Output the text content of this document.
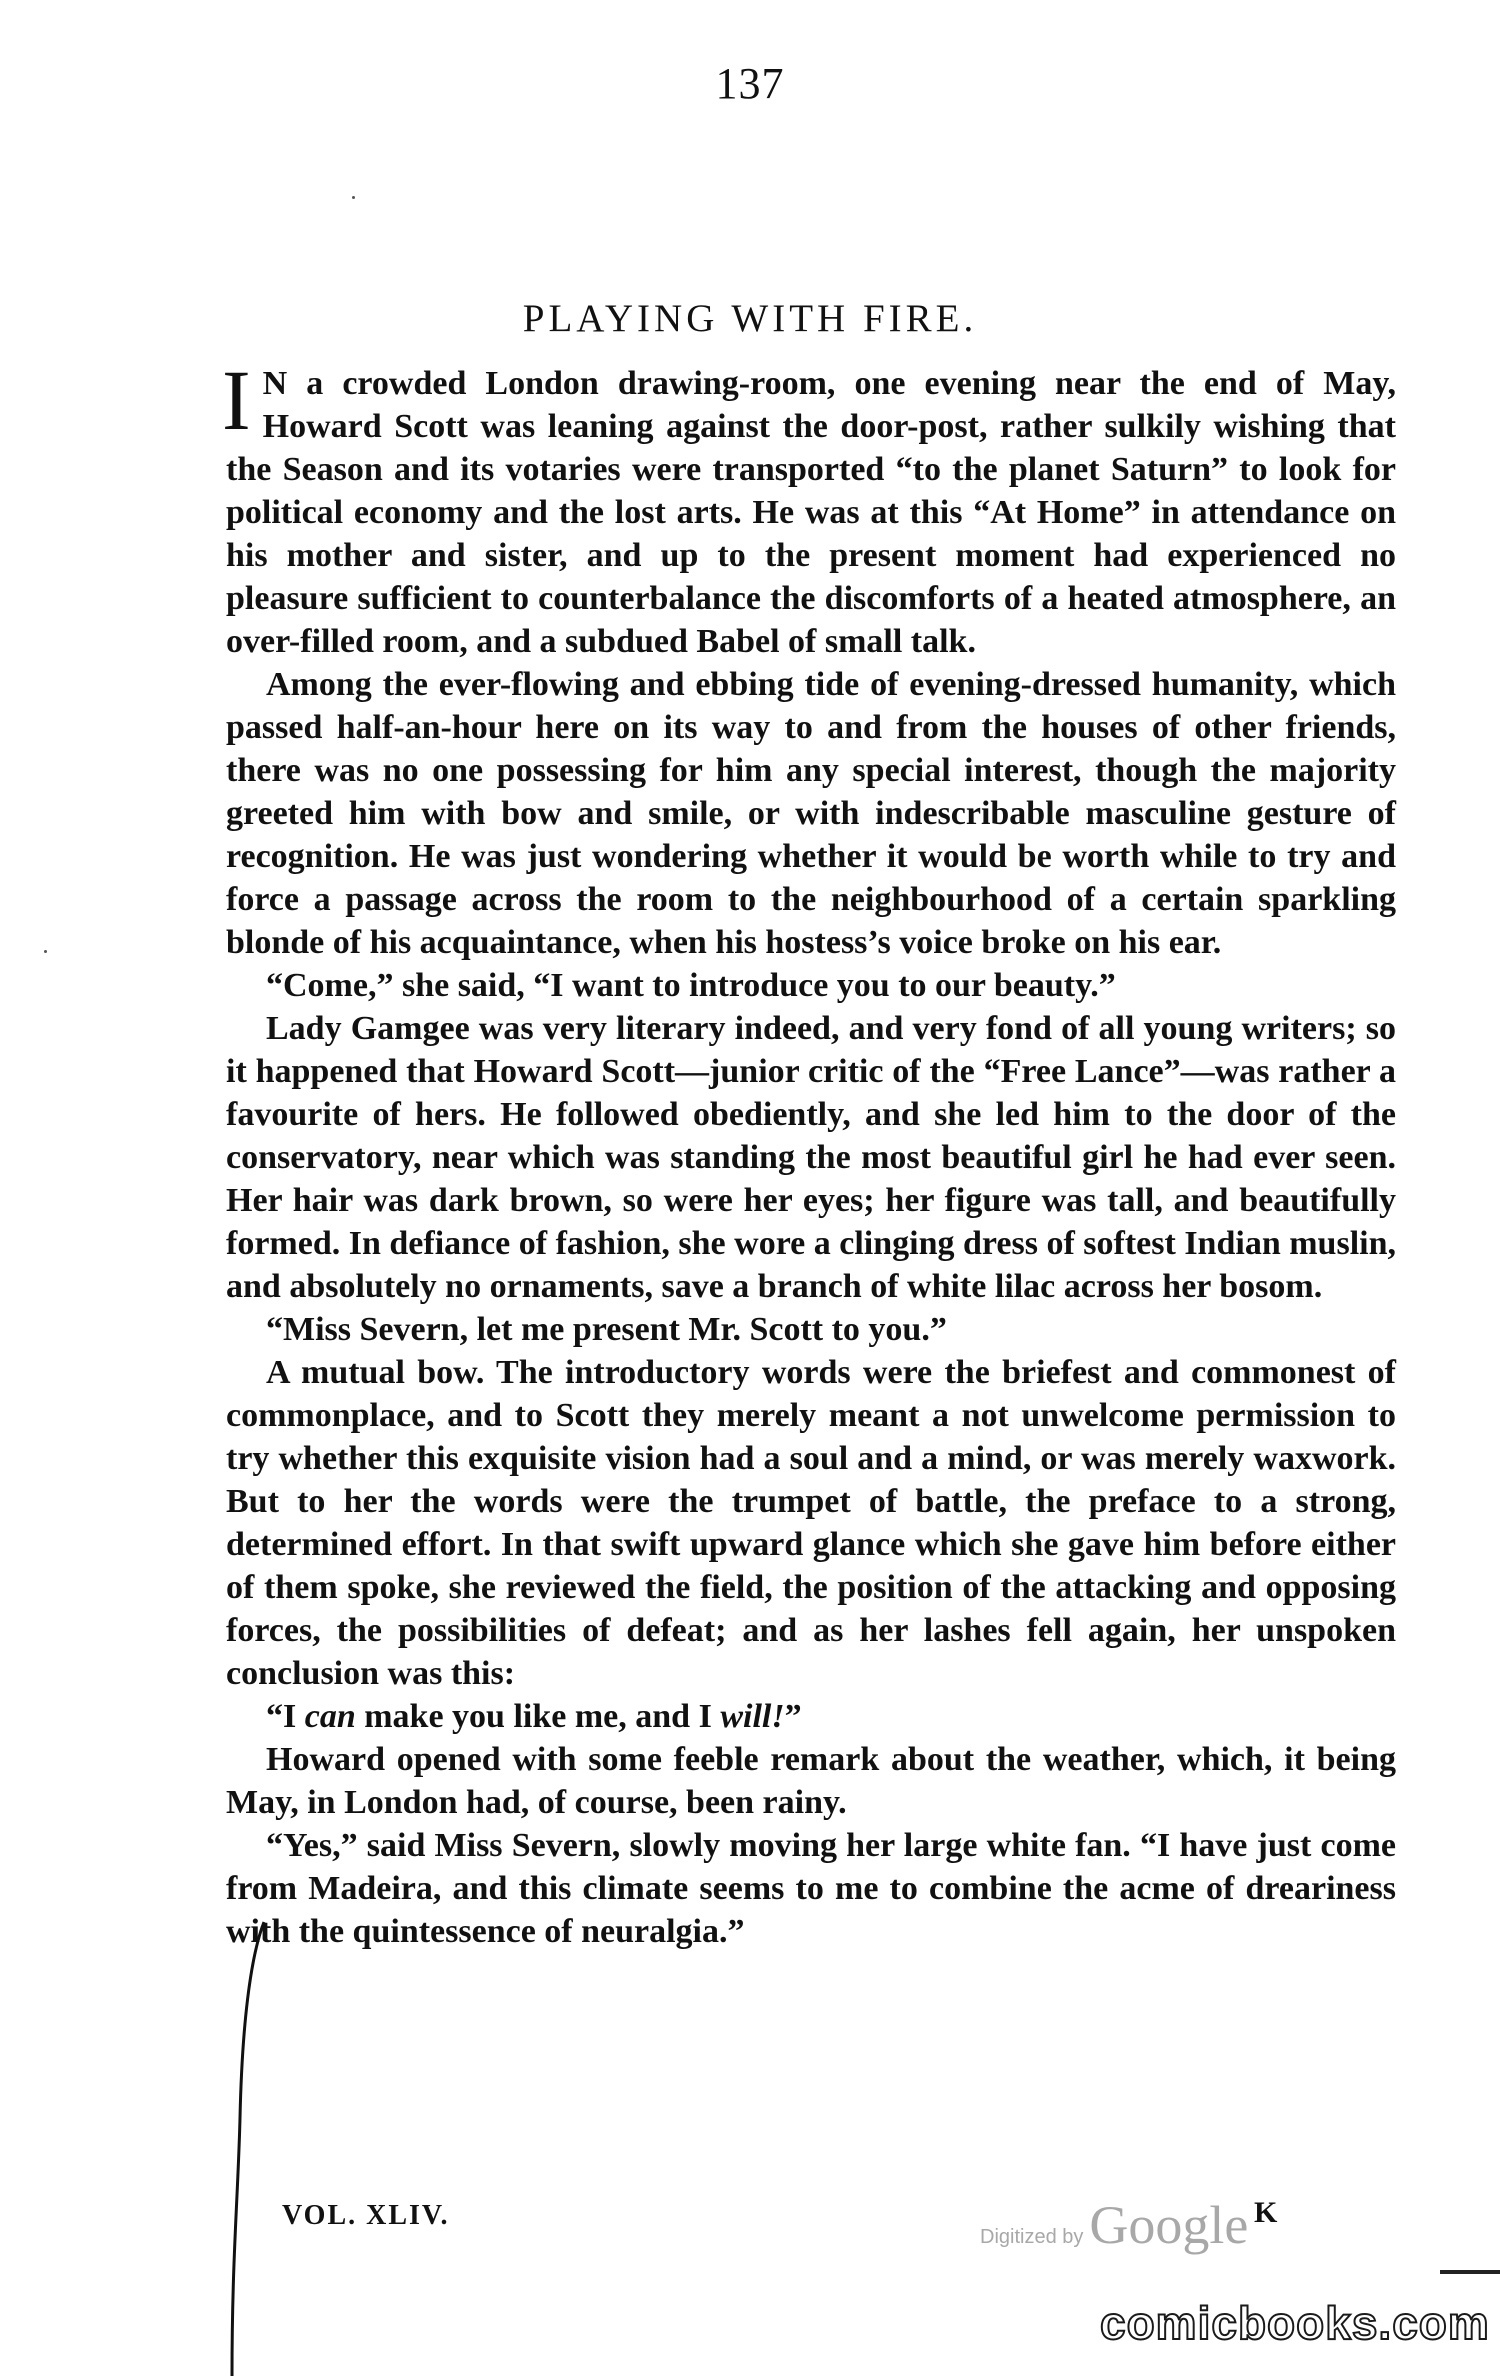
137
PLAYING WITH FIRE.

I N a crowded London drawing-room, one evening near the end of May, Howard Scott was leaning against the door-post, rather sulkily wishing that the Season and its votaries were transported “to the planet Saturn” to look for political economy and the lost arts. He was at this “At Home” in attendance on his mother and sister, and up to the present moment had experienced no pleasure sufficient to counterbalance the discomforts of a heated atmosphere, an over-filled room, and a subdued Babel of small talk.

Among the ever-flowing and ebbing tide of evening-dressed humanity, which passed half-an-hour here on its way to and from the houses of other friends, there was no one possessing for him any special interest, though the majority greeted him with bow and smile, or with indescribable masculine gesture of recognition. He was just wondering whether it would be worth while to try and force a passage across the room to the neighbourhood of a certain sparkling blonde of his acquaintance, when his hostess’s voice broke on his ear.

“Come,” she said, “I want to introduce you to our beauty.”

Lady Gamgee was very literary indeed, and very fond of all young writers; so it happened that Howard Scott—junior critic of the “Free Lance”—was rather a favourite of hers. He followed obediently, and she led him to the door of the conservatory, near which was standing the most beautiful girl he had ever seen. Her hair was dark brown, so were her eyes; her figure was tall, and beautifully formed. In defiance of fashion, she wore a clinging dress of softest Indian muslin, and absolutely no ornaments, save a branch of white lilac across her bosom.

“Miss Severn, let me present Mr. Scott to you.”

A mutual bow. The introductory words were the briefest and commonest of commonplace, and to Scott they merely meant a not unwelcome permission to try whether this exquisite vision had a soul and a mind, or was merely waxwork. But to her the words were the trumpet of battle, the preface to a strong, determined effort. In that swift upward glance which she gave him before either of them spoke, she reviewed the field, the position of the attacking and opposing forces, the possibilities of defeat; and as her lashes fell again, her unspoken conclusion was this:

“I can make you like me, and I will!”

Howard opened with some feeble remark about the weather, which, it being May, in London had, of course, been rainy.

“Yes,” said Miss Severn, slowly moving her large white fan. “I have just come from Madeira, and this climate seems to me to combine the acme of dreariness with the quintessence of neuralgia.”

VOL. XLIV.	K
Digitized by Google
comicbooks.com
